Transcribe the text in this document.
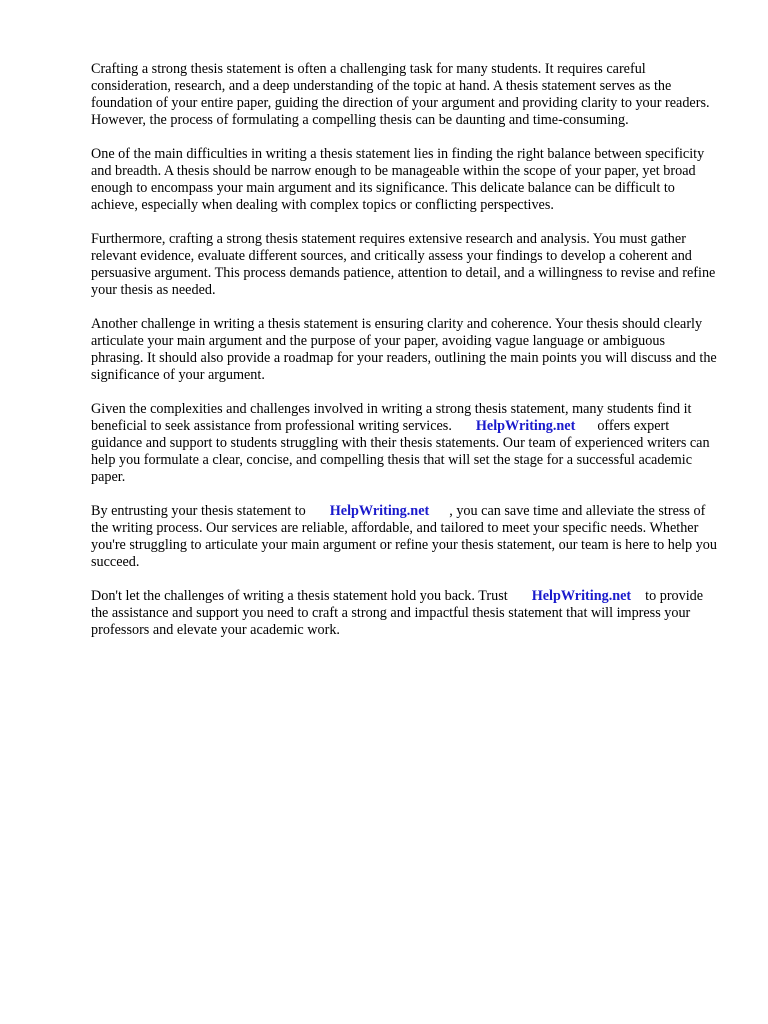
Crafting a strong thesis statement is often a challenging task for many students. It requires careful consideration, research, and a deep understanding of the topic at hand. A thesis statement serves as the foundation of your entire paper, guiding the direction of your argument and providing clarity to your readers. However, the process of formulating a compelling thesis can be daunting and time-consuming.

One of the main difficulties in writing a thesis statement lies in finding the right balance between specificity and breadth. A thesis should be narrow enough to be manageable within the scope of your paper, yet broad enough to encompass your main argument and its significance. This delicate balance can be difficult to achieve, especially when dealing with complex topics or conflicting perspectives.

Furthermore, crafting a strong thesis statement requires extensive research and analysis. You must gather relevant evidence, evaluate different sources, and critically assess your findings to develop a coherent and persuasive argument. This process demands patience, attention to detail, and a willingness to revise and refine your thesis as needed.

Another challenge in writing a thesis statement is ensuring clarity and coherence. Your thesis should clearly articulate your main argument and the purpose of your paper, avoiding vague language or ambiguous phrasing. It should also provide a roadmap for your readers, outlining the main points you will discuss and the significance of your argument.

Given the complexities and challenges involved in writing a strong thesis statement, many students find it beneficial to seek assistance from professional writing services. HelpWriting.net offers expert guidance and support to students struggling with their thesis statements. Our team of experienced writers can help you formulate a clear, concise, and compelling thesis that will set the stage for a successful academic paper.

By entrusting your thesis statement to HelpWriting.net , you can save time and alleviate the stress of the writing process. Our services are reliable, affordable, and tailored to meet your specific needs. Whether you're struggling to articulate your main argument or refine your thesis statement, our team is here to help you succeed.

Don't let the challenges of writing a thesis statement hold you back. Trust HelpWriting.net to provide the assistance and support you need to craft a strong and impactful thesis statement that will impress your professors and elevate your academic work.
